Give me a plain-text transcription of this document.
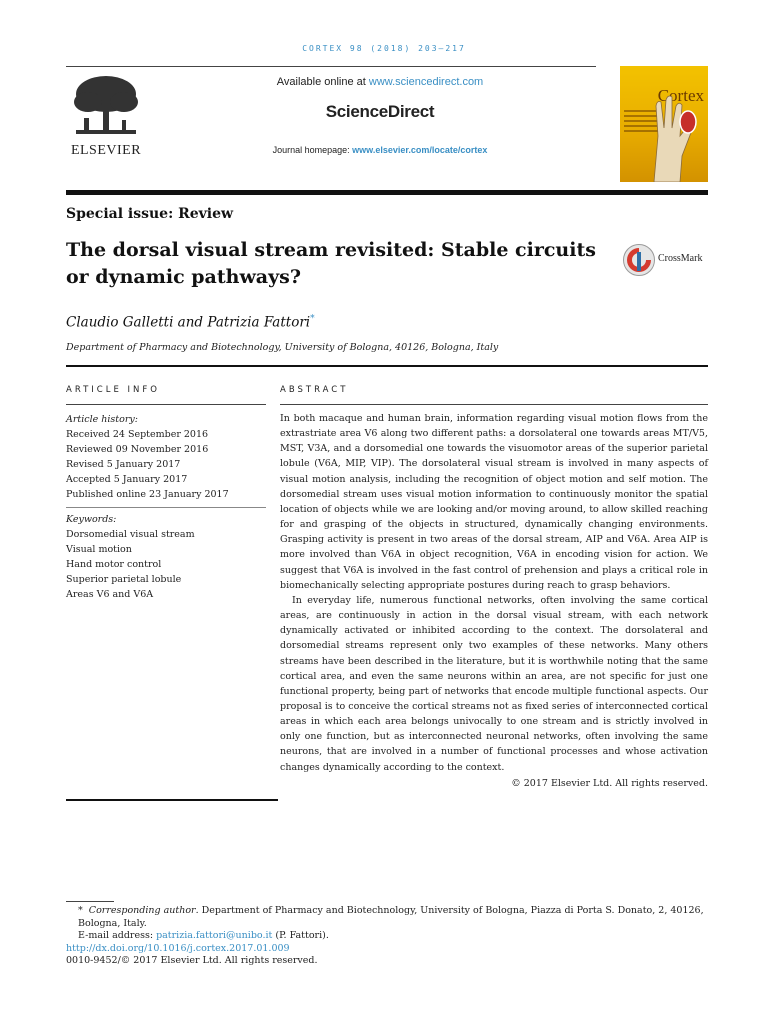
CORTEX 98 (2018) 203–217
ELSEVIER
Available online at www.sciencedirect.com
ScienceDirect
Journal homepage: www.elsevier.com/locate/cortex
Cortex
Special issue: Review
The dorsal visual stream revisited: Stable circuits or dynamic pathways?
CrossMark
Claudio Galletti and Patrizia Fattori*
Department of Pharmacy and Biotechnology, University of Bologna, 40126, Bologna, Italy
ARTICLE INFO	ABSTRACT
Article history:
Received 24 September 2016
Reviewed 09 November 2016
Revised 5 January 2017
Accepted 5 January 2017
Published online 23 January 2017
Keywords:
Dorsomedial visual stream
Visual motion
Hand motor control
Superior parietal lobule
Areas V6 and V6A

In both macaque and human brain, information regarding visual motion flows from the extrastriate area V6 along two different paths: a dorsolateral one towards areas MT/V5, MST, V3A, and a dorsomedial one towards the visuomotor areas of the superior parietal lobule (V6A, MIP, VIP). The dorsolateral visual stream is involved in many aspects of visual motion analysis, including the recognition of object motion and self motion. The dorsomedial stream uses visual motion information to continuously monitor the spatial location of objects while we are looking and/or moving around, to allow skilled reaching for and grasping of the objects in structured, dynamically changing environments. Grasping activity is present in two areas of the dorsal stream, AIP and V6A. Area AIP is more involved than V6A in object recognition, V6A in encoding vision for action. We suggest that V6A is involved in the fast control of prehension and plays a critical role in biomechanically selecting appropriate postures during reach to grasp behaviors.

In everyday life, numerous functional networks, often involving the same cortical areas, are continuously in action in the dorsal visual stream, with each network dynamically activated or inhibited according to the context. The dorsolateral and dorsomedial streams represent only two examples of these networks. Many others streams have been described in the literature, but it is worthwhile noting that the same cortical area, and even the same neurons within an area, are not specific for just one functional property, being part of networks that encode multiple functional aspects. Our proposal is to conceive the cortical streams not as fixed series of interconnected cortical areas in which each area belongs univocally to one stream and is strictly involved in only one function, but as interconnected neuronal networks, often involving the same neurons, that are involved in a number of functional processes and whose activation changes dynamically according to the context.

© 2017 Elsevier Ltd. All rights reserved.
* Corresponding author. Department of Pharmacy and Biotechnology, University of Bologna, Piazza di Porta S. Donato, 2, 40126, Bologna, Italy.
E-mail address: patrizia.fattori@unibo.it (P. Fattori).
http://dx.doi.org/10.1016/j.cortex.2017.01.009
0010-9452/© 2017 Elsevier Ltd. All rights reserved.
